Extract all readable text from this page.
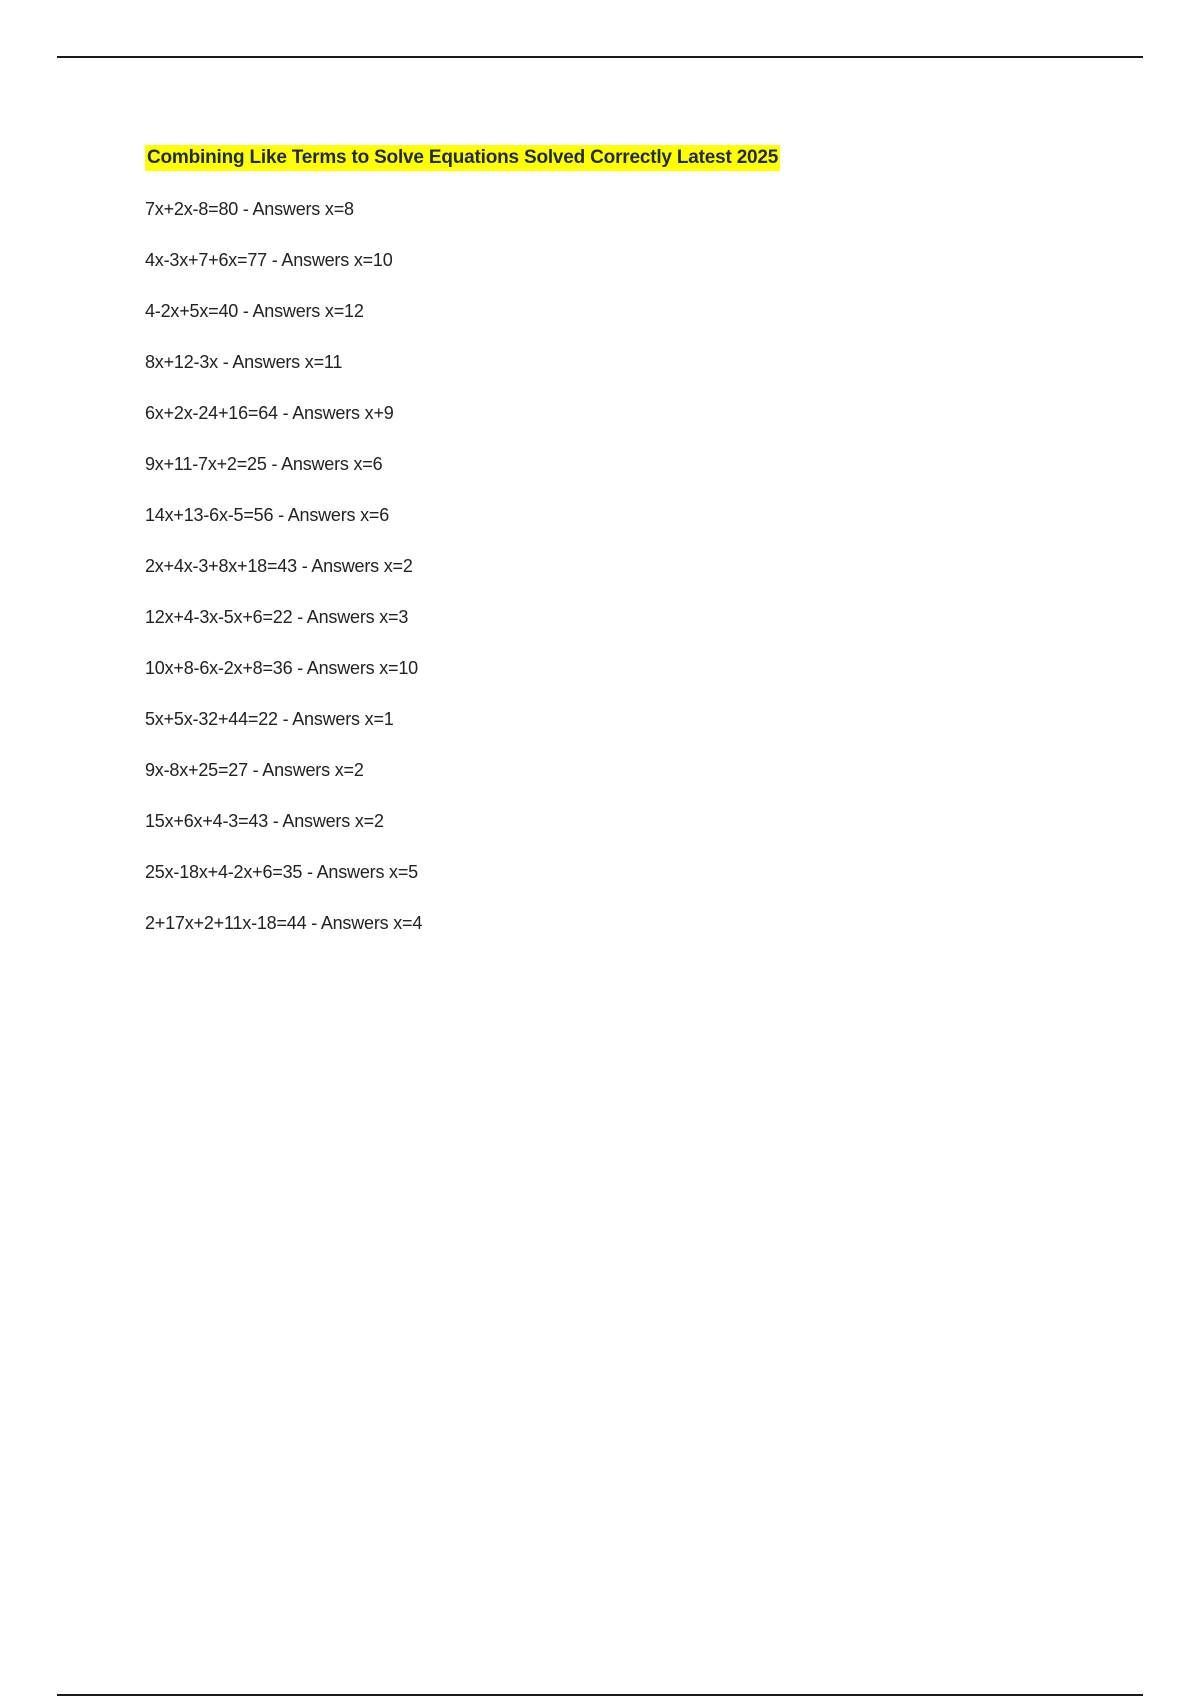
Combining Like Terms to Solve Equations Solved Correctly Latest 2025
7x+2x-8=80 - Answers x=8
4x-3x+7+6x=77 - Answers x=10
4-2x+5x=40 - Answers x=12
8x+12-3x - Answers x=11
6x+2x-24+16=64 - Answers x+9
9x+11-7x+2=25 - Answers x=6
14x+13-6x-5=56 - Answers x=6
2x+4x-3+8x+18=43 - Answers x=2
12x+4-3x-5x+6=22 - Answers x=3
10x+8-6x-2x+8=36 - Answers x=10
5x+5x-32+44=22 - Answers x=1
9x-8x+25=27 - Answers x=2
15x+6x+4-3=43 - Answers x=2
25x-18x+4-2x+6=35 - Answers x=5
2+17x+2+11x-18=44 - Answers x=4
